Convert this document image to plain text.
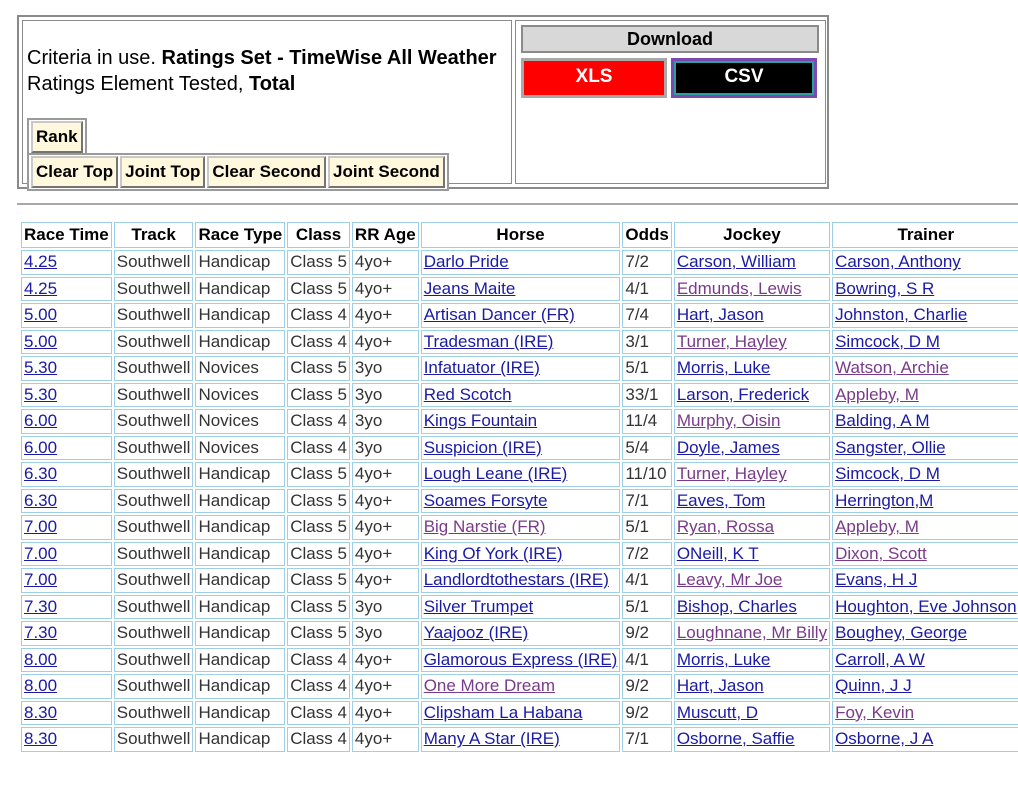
Criteria in use. Ratings Set - TimeWise All Weather
Ratings Element Tested, Total
Rank
Clear Top Joint Top Clear Second Joint Second
Download
XLS	CSV
Race Time	Track	Race Type	Class	RR Age	Horse	Odds	Jockey	Trainer
4.25	Southwell	Handicap	Class 5	4yo+	Darlo Pride	7/2	Carson, William	Carson, Anthony
4.25	Southwell	Handicap	Class 5	4yo+	Jeans Maite	4/1	Edmunds, Lewis	Bowring, S R
5.00	Southwell	Handicap	Class 4	4yo+	Artisan Dancer (FR)	7/4	Hart, Jason	Johnston, Charlie
5.00	Southwell	Handicap	Class 4	4yo+	Tradesman (IRE)	3/1	Turner, Hayley	Simcock, D M
5.30	Southwell	Novices	Class 5	3yo	Infatuator (IRE)	5/1	Morris, Luke	Watson, Archie
5.30	Southwell	Novices	Class 5	3yo	Red Scotch	33/1	Larson, Frederick	Appleby, M
6.00	Southwell	Novices	Class 4	3yo	Kings Fountain	11/4	Murphy, Oisin	Balding, A M
6.00	Southwell	Novices	Class 4	3yo	Suspicion (IRE)	5/4	Doyle, James	Sangster, Ollie
6.30	Southwell	Handicap	Class 5	4yo+	Lough Leane (IRE)	11/10	Turner, Hayley	Simcock, D M
6.30	Southwell	Handicap	Class 5	4yo+	Soames Forsyte	7/1	Eaves, Tom	Herrington,M
7.00	Southwell	Handicap	Class 5	4yo+	Big Narstie (FR)	5/1	Ryan, Rossa	Appleby, M
7.00	Southwell	Handicap	Class 5	4yo+	King Of York (IRE)	7/2	ONeill, K T	Dixon, Scott
7.00	Southwell	Handicap	Class 5	4yo+	Landlordtothestars (IRE)	4/1	Leavy, Mr Joe	Evans, H J
7.30	Southwell	Handicap	Class 5	3yo	Silver Trumpet	5/1	Bishop, Charles	Houghton, Eve Johnson
7.30	Southwell	Handicap	Class 5	3yo	Yaajooz (IRE)	9/2	Loughnane, Mr Billy	Boughey, George
8.00	Southwell	Handicap	Class 4	4yo+	Glamorous Express (IRE)	4/1	Morris, Luke	Carroll, A W
8.00	Southwell	Handicap	Class 4	4yo+	One More Dream	9/2	Hart, Jason	Quinn, J J
8.30	Southwell	Handicap	Class 4	4yo+	Clipsham La Habana	9/2	Muscutt, D	Foy, Kevin
8.30	Southwell	Handicap	Class 4	4yo+	Many A Star (IRE)	7/1	Osborne, Saffie	Osborne, J A
